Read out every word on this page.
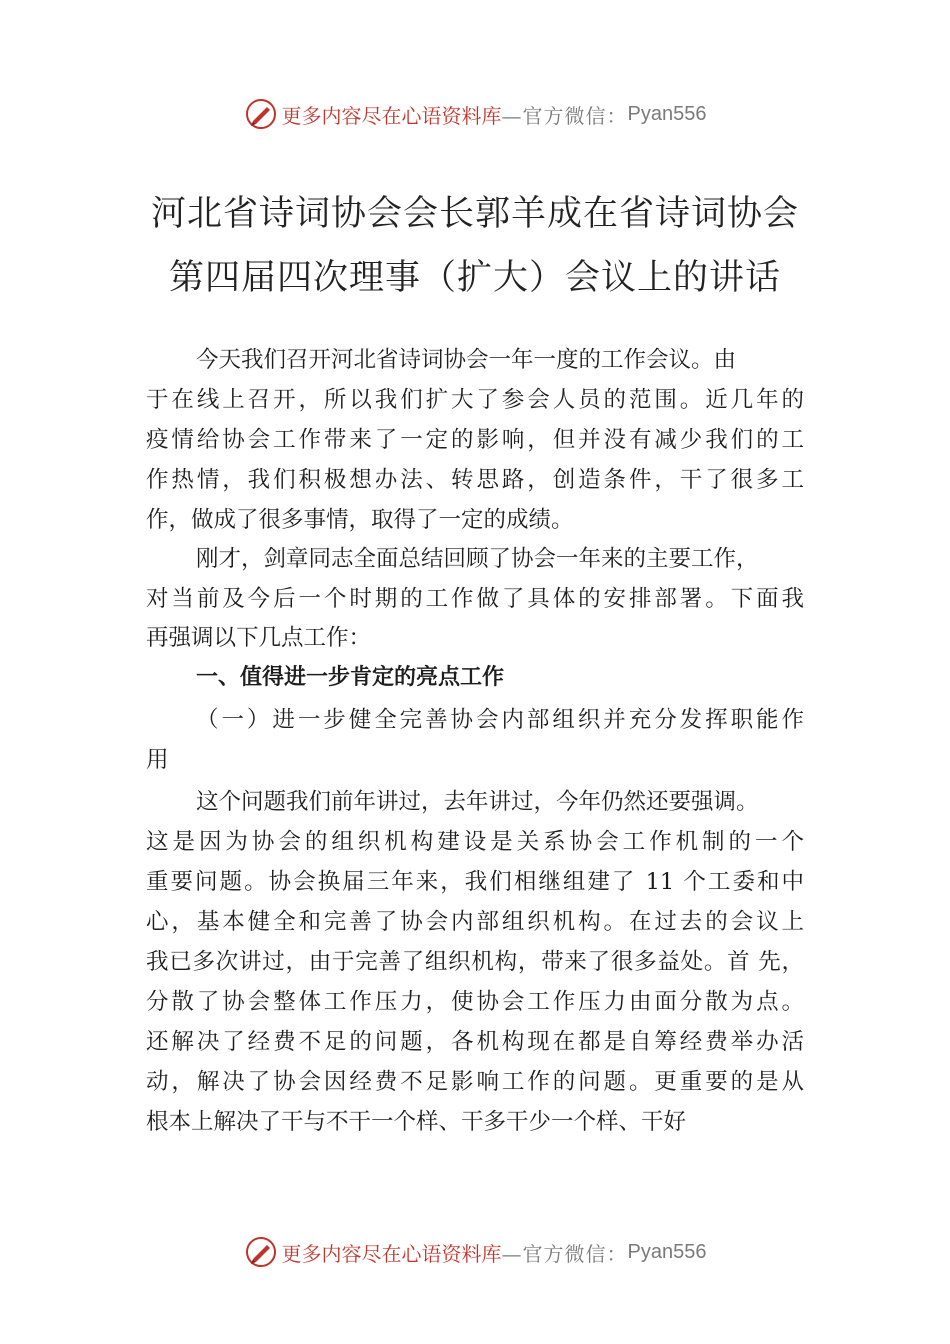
更多内容尽在心语资料库 —官方微信： Pyan556
河北省诗词协会会长郭羊成在省诗词协会
第四届四次理事（扩大）会议上的讲话
今天我们召开河北省诗词协会一年一度的工作会议。由
于在线上召开，所以我们扩大了参会人员的范围。近几年的
疫情给协会工作带来了一定的影响，但并没有减少我们的工
作热情，我们积极想办法、转思路，创造条件，干了很多工
作，做成了很多事情，取得了一定的成绩。
刚才，剑章同志全面总结回顾了协会一年来的主要工作，
对当前及今后一个时期的工作做了具体的安排部署。下面我
再强调以下几点工作：
一、值得进一步肯定的亮点工作
（一）进一步健全完善协会内部组织并充分发挥职能作
用
这个问题我们前年讲过，去年讲过，今年仍然还要强调。
这是因为协会的组织机构建设是关系协会工作机制的一个
重要问题。协会换届三年来，我们相继组建了 11 个工委和中
心，基本健全和完善了协会内部组织机构。在过去的会议上
我已多次讲过，由于完善了组织机构，带来了很多益处。首 先，
分散了协会整体工作压力，使协会工作压力由面分散为点。
还解决了经费不足的问题，各机构现在都是自筹经费举办活
动，解决了协会因经费不足影响工作的问题。更重要的是从
根本上解决了干与不干一个样、干多干少一个样、干好
更多内容尽在心语资料库 —官方微信： Pyan556
